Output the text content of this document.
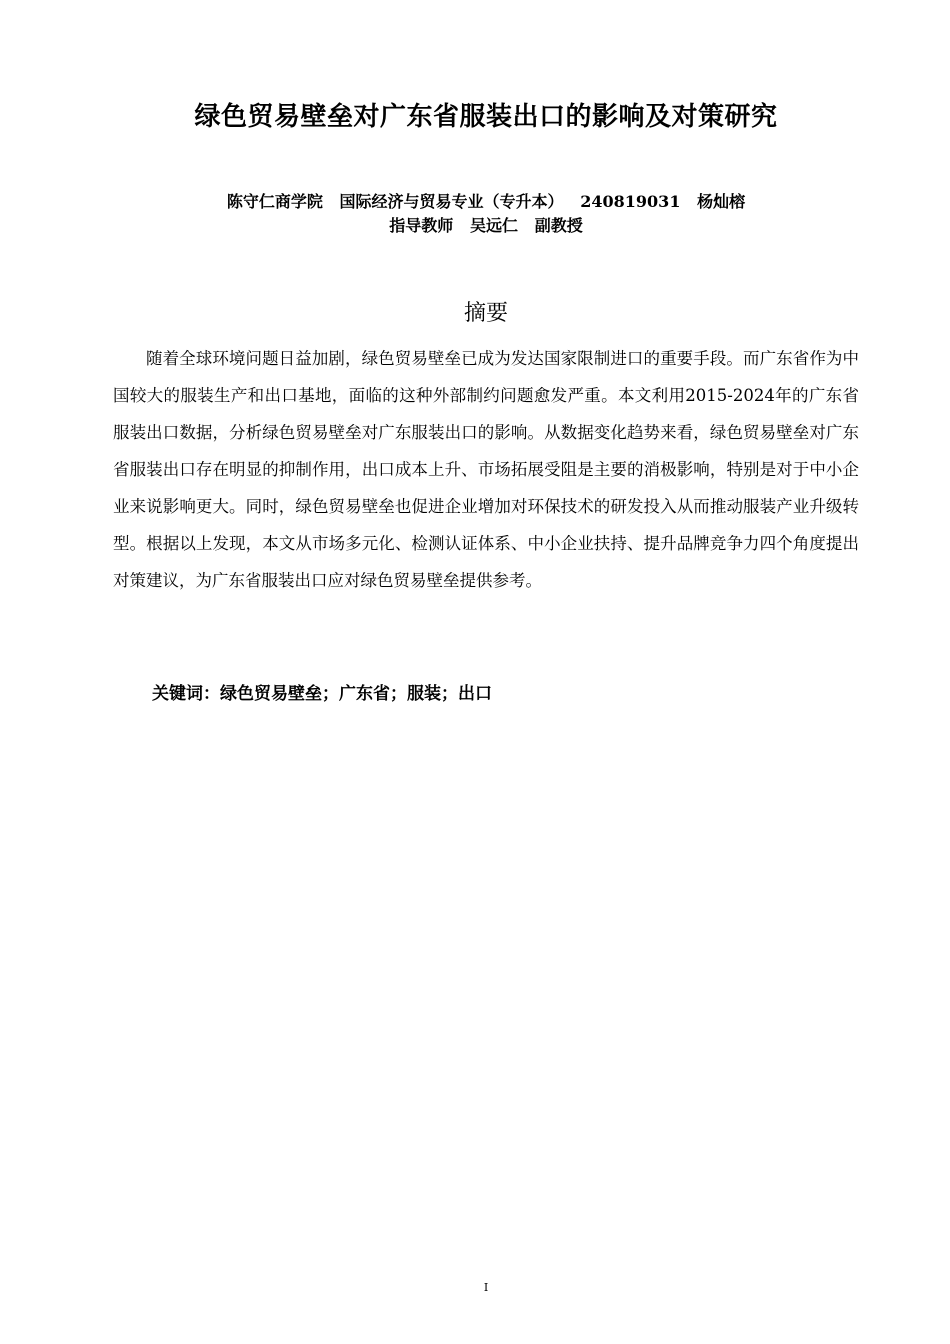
绿色贸易壁垒对广东省服装出口的影响及对策研究
陈守仁商学院   国际经济与贸易专业（专升本）   240819031   杨灿榕
指导教师   吴远仁   副教授
摘要
随着全球环境问题日益加剧，绿色贸易壁垒已成为发达国家限制进口的重要手段。而广东省作为中国较大的服装生产和出口基地，面临的这种外部制约问题愈发严重。本文利用2015-2024年的广东省服装出口数据，分析绿色贸易壁垒对广东服装出口的影响。从数据变化趋势来看，绿色贸易壁垒对广东省服装出口存在明显的抑制作用，出口成本上升、市场拓展受阻是主要的消极影响，特别是对于中小企业来说影响更大。同时，绿色贸易壁垒也促进企业增加对环保技术的研发投入从而推动服装产业升级转型。根据以上发现，本文从市场多元化、检测认证体系、中小企业扶持、提升品牌竞争力四个角度提出对策建议，为广东省服装出口应对绿色贸易壁垒提供参考。
关键词：绿色贸易壁垒；广东省；服装；出口
I
